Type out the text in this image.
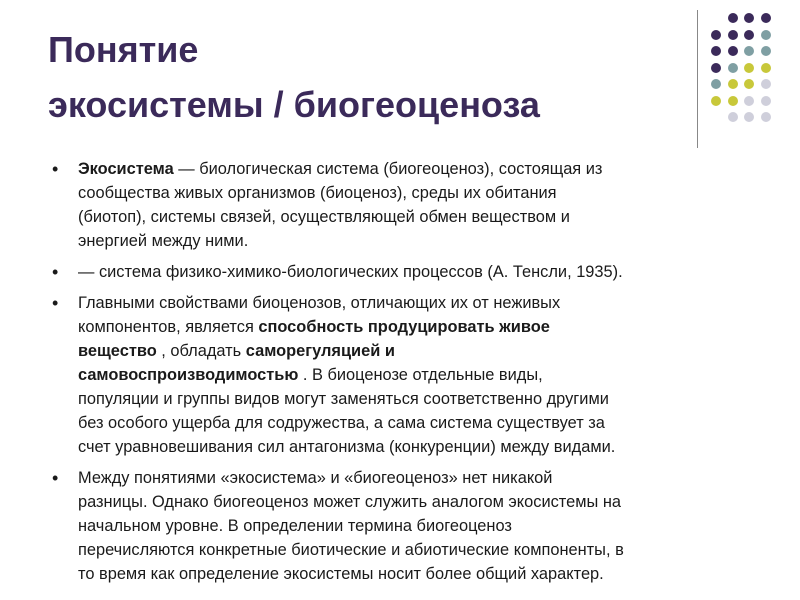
Понятие
экосистемы / биогеоценоза
• Экосистема — биологическая система (биогеоценоз), состоящая из
сообщества живых организмов (биоценоз), среды их обитания
(биотоп), системы связей, осуществляющей обмен веществом и
энергией между ними.
• — система физико-химико-биологических процессов (А. Тенсли, 1935).
• Главными свойствами биоценозов, отличающих их от неживых
компонентов, является способность продуцировать живое
вещество , обладать саморегуляцией и
самовоспроизводимостью . В биоценозе отдельные виды,
популяции и группы видов могут заменяться соответственно другими
без особого ущерба для содружества, а сама система существует за
счет уравновешивания сил антагонизма (конкуренции) между видами.
• Между понятиями «экосистема» и «биогеоценоз» нет никакой
разницы. Однако биогеоценоз может служить аналогом экосистемы на
начальном уровне. В определении термина биогеоценоз
перечисляются конкретные биотические и абиотические компоненты, в
то время как определение экосистемы носит более общий характер.
